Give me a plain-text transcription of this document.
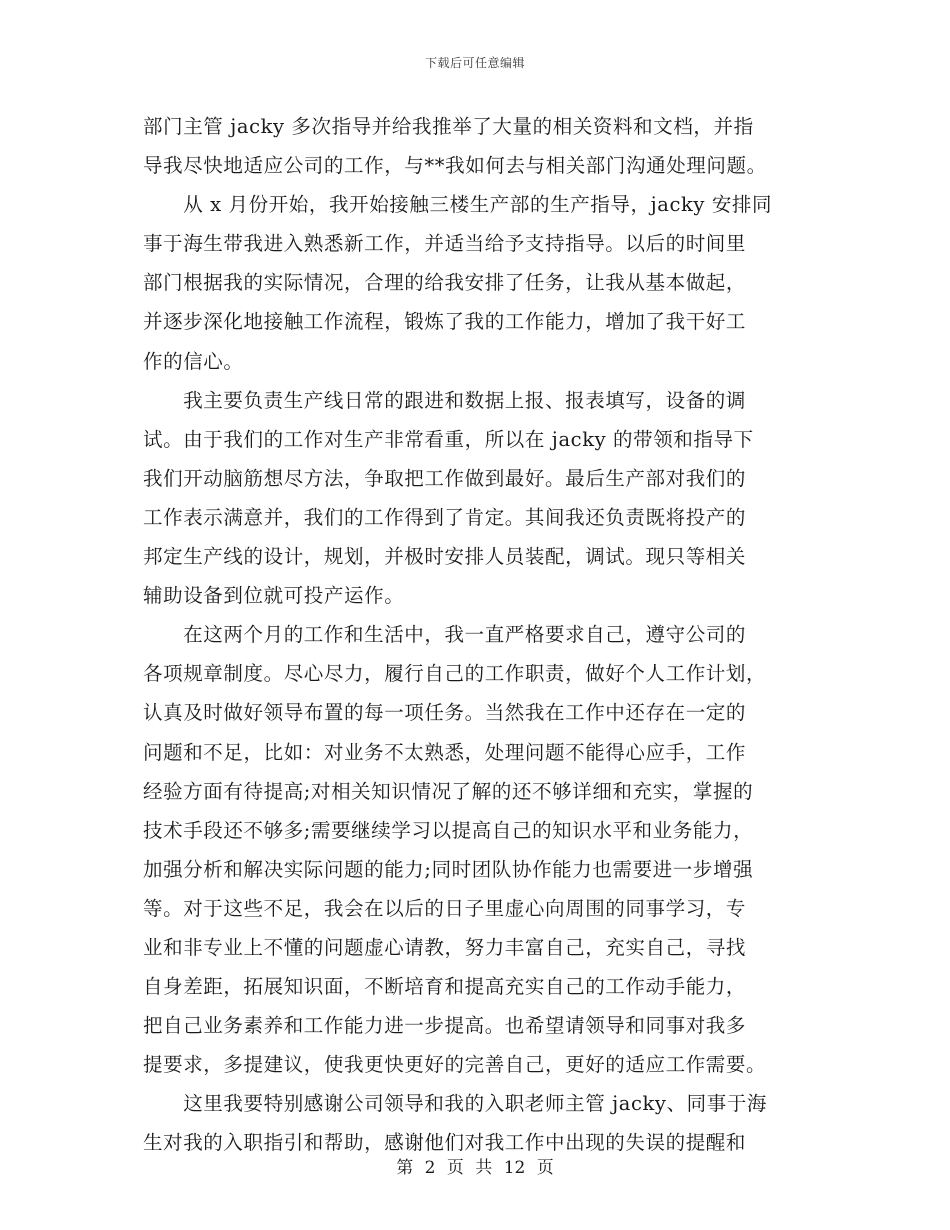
下载后可任意编辑
部门主管 jacky 多次指导并给我推举了大量的相关资料和文档，并指
导我尽快地适应公司的工作，与**我如何去与相关部门沟通处理问题。
　　从 x 月份开始，我开始接触三楼生产部的生产指导，jacky 安排同
事于海生带我进入熟悉新工作，并适当给予支持指导。以后的时间里
部门根据我的实际情况，合理的给我安排了任务，让我从基本做起，
并逐步深化地接触工作流程，锻炼了我的工作能力，增加了我干好工
作的信心。
　　我主要负责生产线日常的跟进和数据上报、报表填写，设备的调
试。由于我们的工作对生产非常看重，所以在 jacky 的带领和指导下
我们开动脑筋想尽方法，争取把工作做到最好。最后生产部对我们的
工作表示满意并，我们的工作得到了肯定。其间我还负责既将投产的
邦定生产线的设计，规划，并极时安排人员装配，调试。现只等相关
辅助设备到位就可投产运作。
　　在这两个月的工作和生活中，我一直严格要求自己，遵守公司的
各项规章制度。尽心尽力，履行自己的工作职责，做好个人工作计划，
认真及时做好领导布置的每一项任务。当然我在工作中还存在一定的
问题和不足，比如：对业务不太熟悉，处理问题不能得心应手，工作
经验方面有待提高;对相关知识情况了解的还不够详细和充实，掌握的
技术手段还不够多;需要继续学习以提高自己的知识水平和业务能力，
加强分析和解决实际问题的能力;同时团队协作能力也需要进一步增强
等。对于这些不足，我会在以后的日子里虚心向周围的同事学习，专
业和非专业上不懂的问题虚心请教，努力丰富自己，充实自己，寻找
自身差距，拓展知识面，不断培育和提高充实自己的工作动手能力，
把自己业务素养和工作能力进一步提高。也希望请领导和同事对我多
提要求，多提建议，使我更快更好的完善自己，更好的适应工作需要。
　　这里我要特别感谢公司领导和我的入职老师主管 jacky、同事于海
生对我的入职指引和帮助，感谢他们对我工作中出现的失误的提醒和
第 2 页 共 12 页
